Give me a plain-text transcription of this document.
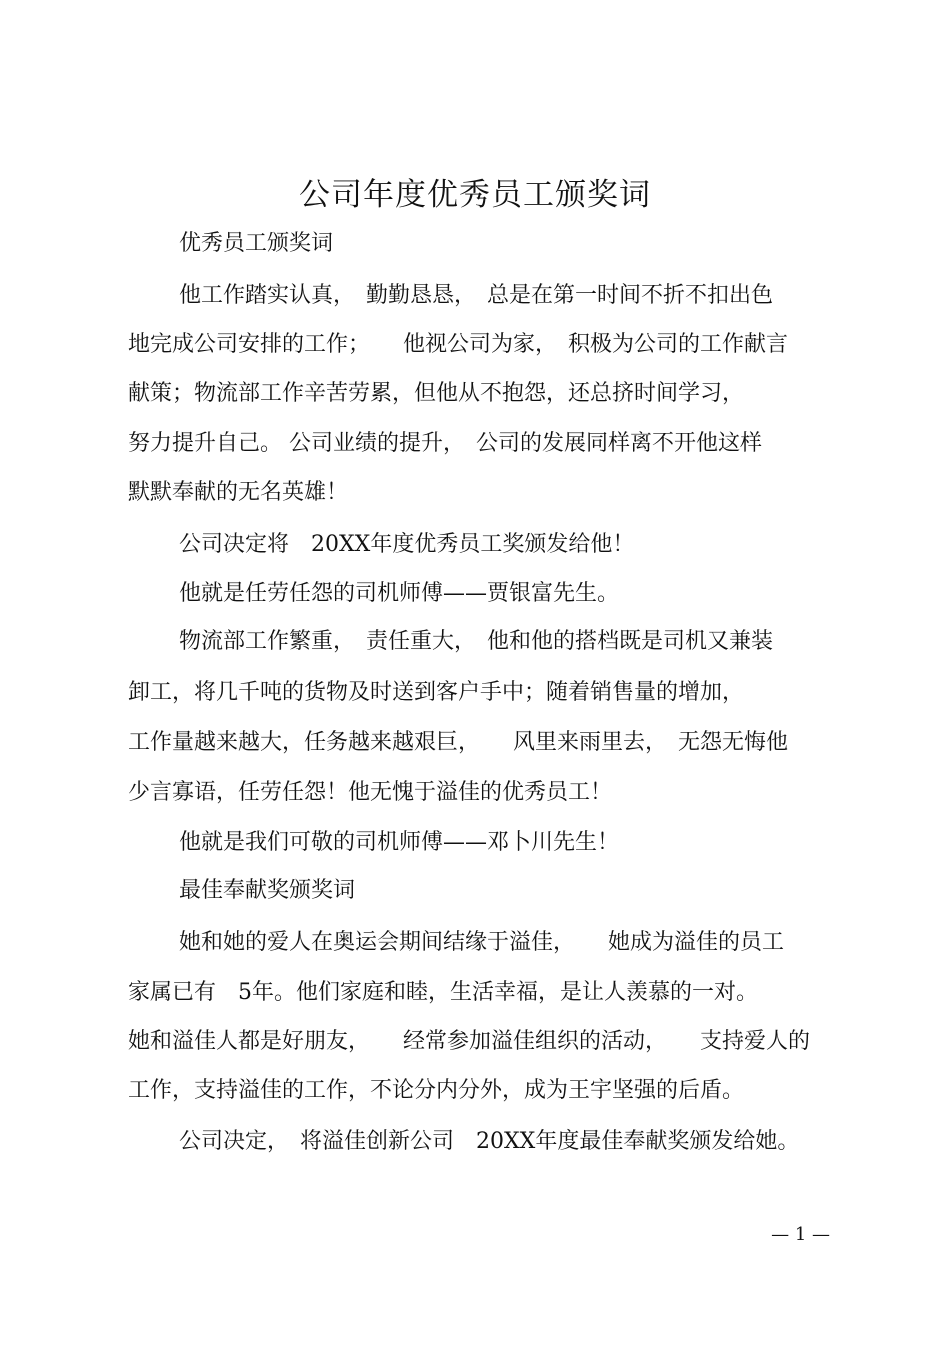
公司年度优秀员工颁奖词
优秀员工颁奖词
他工作踏实认真，　勤勤恳恳，　总是在第一时间不折不扣出色
地完成公司安排的工作；　　他视公司为家，　积极为公司的工作献言
献策；物流部工作辛苦劳累，但他从不抱怨，还总挤时间学习，
努力提升自己。 公司业绩的提升，　公司的发展同样离不开他这样
默默奉献的无名英雄！
公司决定将　20XX年度优秀员工奖颁发给他！
他就是任劳任怨的司机师傅——贾银富先生。
物流部工作繁重，　责任重大，　他和他的搭档既是司机又兼装
卸工，将几千吨的货物及时送到客户手中；随着销售量的增加，
工作量越来越大，任务越来越艰巨，　　风里来雨里去，　无怨无悔他
少言寡语，任劳任怨！他无愧于溢佳的优秀员工！
他就是我们可敬的司机师傅——邓卜川先生！
最佳奉献奖颁奖词
她和她的爱人在奥运会期间结缘于溢佳，　　她成为溢佳的员工
家属已有　5年。他们家庭和睦，生活幸福，是让人羡慕的一对。
她和溢佳人都是好朋友，　　经常参加溢佳组织的活动，　　支持爱人的
工作，支持溢佳的工作，不论分内分外，成为王宇坚强的后盾。
公司决定，　将溢佳创新公司　20XX年度最佳奉献奖颁发给她。
— 1 —
